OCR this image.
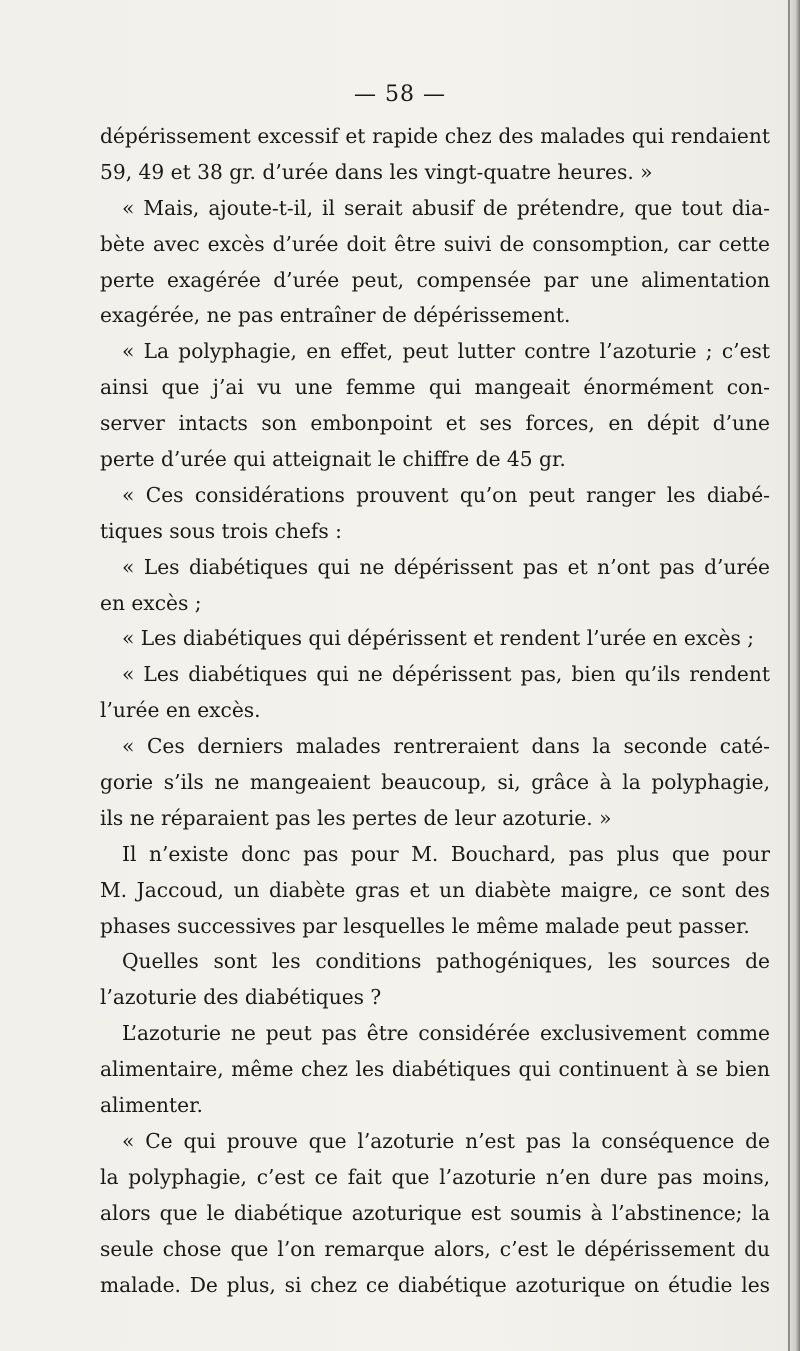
— 58 —
dépérissement excessif et rapide chez des malades qui rendaient
59, 49 et 38 gr. d’urée dans les vingt-quatre heures. »
« Mais, ajoute-t-il, il serait abusif de prétendre, que tout dia-
bète avec excès d’urée doit être suivi de consomption, car cette
perte exagérée d’urée peut, compensée par une alimentation
exagérée, ne pas entraîner de dépérissement.
« La polyphagie, en effet, peut lutter contre l’azoturie ; c’est
ainsi que j’ai vu une femme qui mangeait énormément con-
server intacts son embonpoint et ses forces, en dépit d’une
perte d’urée qui atteignait le chiffre de 45 gr.
« Ces considérations prouvent qu’on peut ranger les diabé-
tiques sous trois chefs :
« Les diabétiques qui ne dépérissent pas et n’ont pas d’urée
en excès ;
« Les diabétiques qui dépérissent et rendent l’urée en excès ;
« Les diabétiques qui ne dépérissent pas, bien qu’ils rendent
l’urée en excès.
« Ces derniers malades rentreraient dans la seconde caté-
gorie s’ils ne mangeaient beaucoup, si, grâce à la polyphagie,
ils ne réparaient pas les pertes de leur azoturie. »
Il n’existe donc pas pour M. Bouchard, pas plus que pour
M. Jaccoud, un diabète gras et un diabète maigre, ce sont des
phases successives par lesquelles le même malade peut passer.
Quelles sont les conditions pathogéniques, les sources de
l’azoturie des diabétiques ?
L’azoturie ne peut pas être considérée exclusivement comme
alimentaire, même chez les diabétiques qui continuent à se bien
alimenter.
« Ce qui prouve que l’azoturie n’est pas la conséquence de
la polyphagie, c’est ce fait que l’azoturie n’en dure pas moins,
alors que le diabétique azoturique est soumis à l’abstinence; la
seule chose que l’on remarque alors, c’est le dépérissement du
malade. De plus, si chez ce diabétique azoturique on étudie les
